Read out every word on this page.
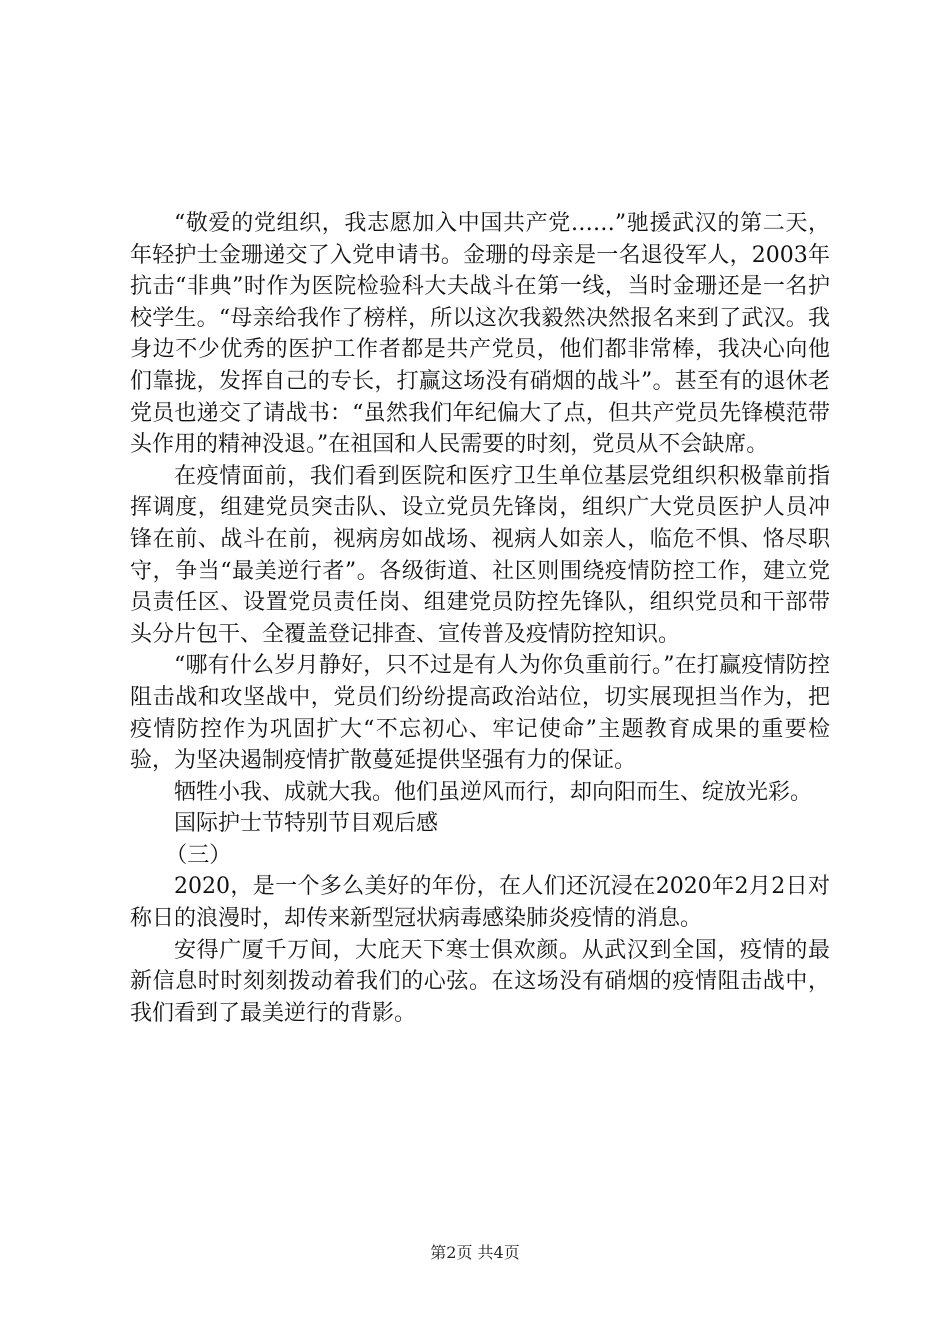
“敬爱的党组织，我志愿加入中国共产党……”驰援武汉的第二天，年轻护士金珊递交了入党申请书。金珊的母亲是一名退役军人，2003年抗击“非典”时作为医院检验科大夫战斗在第一线，当时金珊还是一名护校学生。“母亲给我作了榜样，所以这次我毅然决然报名来到了武汉。我身边不少优秀的医护工作者都是共产党员，他们都非常棒，我决心向他们靠拢，发挥自己的专长，打赢这场没有硝烟的战斗”。甚至有的退休老党员也递交了请战书：“虽然我们年纪偏大了点，但共产党员先锋模范带头作用的精神没退。”在祖国和人民需要的时刻，党员从不会缺席。

在疫情面前，我们看到医院和医疗卫生单位基层党组织积极靠前指挥调度，组建党员突击队、设立党员先锋岗，组织广大党员医护人员冲锋在前、战斗在前，视病房如战场、视病人如亲人，临危不惧、恪尽职守，争当“最美逆行者”。各级街道、社区则围绕疫情防控工作，建立党员责任区、设置党员责任岗、组建党员防控先锋队，组织党员和干部带头分片包干、全覆盖登记排查、宣传普及疫情防控知识。

“哪有什么岁月静好，只不过是有人为你负重前行。”在打赢疫情防控阻击战和攻坚战中，党员们纷纷提高政治站位，切实展现担当作为，把疫情防控作为巩固扩大“不忘初心、牢记使命”主题教育成果的重要检验，为坚决遏制疫情扩散蔓延提供坚强有力的保证。

牺牲小我、成就大我。他们虽逆风而行，却向阳而生、绽放光彩。

国际护士节特别节目观后感

（三）

2020，是一个多么美好的年份，在人们还沉浸在2020年2月2日对称日的浪漫时，却传来新型冠状病毒感染肺炎疫情的消息。

安得广厦千万间，大庇天下寒士俱欢颜。从武汉到全国，疫情的最新信息时时刻刻拨动着我们的心弦。在这场没有硝烟的疫情阻击战中，我们看到了最美逆行的背影。

第2页 共4页
